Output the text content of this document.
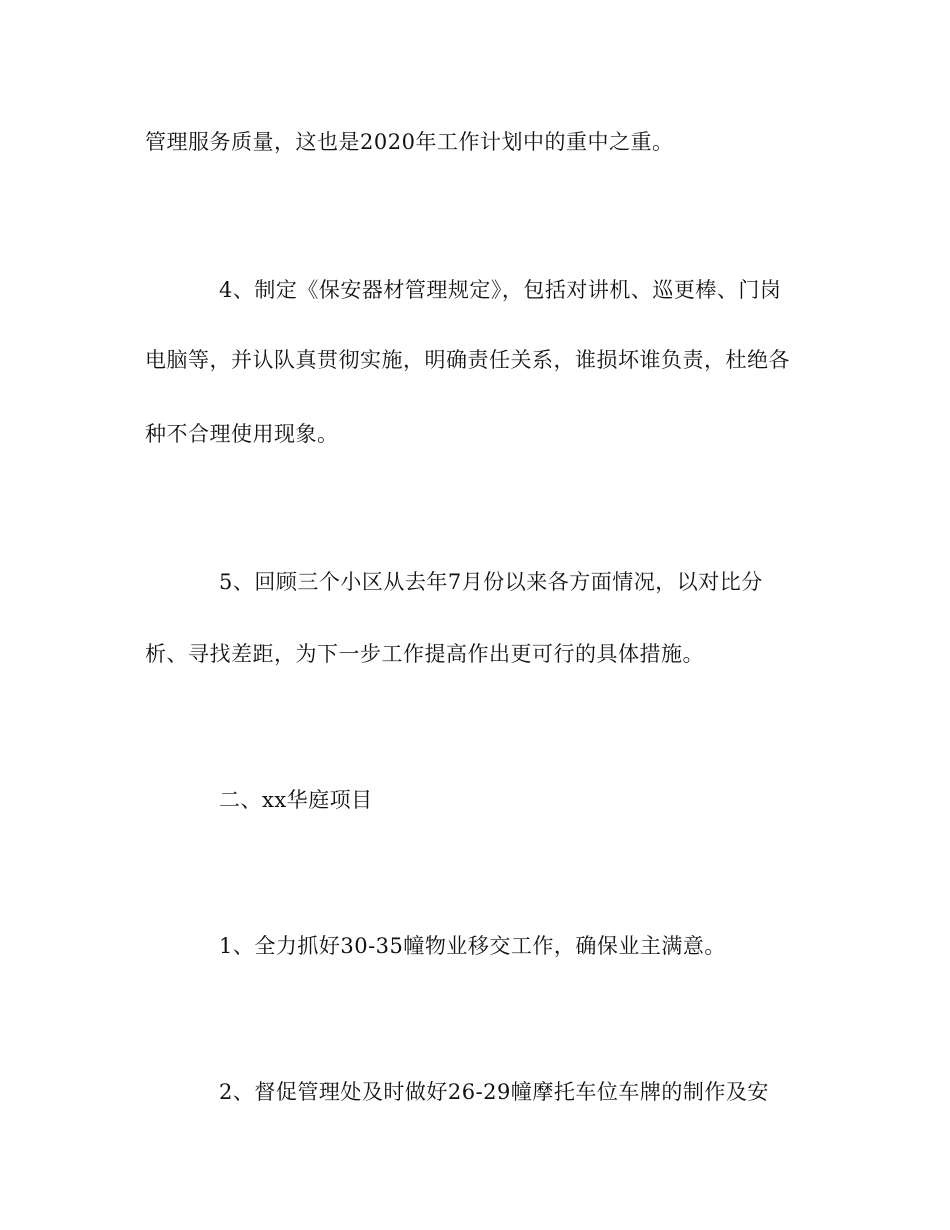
管理服务质量，这也是2020年工作计划中的重中之重。
4、制定《保安器材管理规定》，包括对讲机、巡更棒、门岗
电脑等，并认队真贯彻实施，明确责任关系，谁损坏谁负责，杜绝各
种不合理使用现象。
5、回顾三个小区从去年7月份以来各方面情况，以对比分
析、寻找差距，为下一步工作提高作出更可行的具体措施。
二、xx华庭项目
1、全力抓好30-35幢物业移交工作，确保业主满意。
2、督促管理处及时做好26-29幢摩托车位车牌的制作及安
